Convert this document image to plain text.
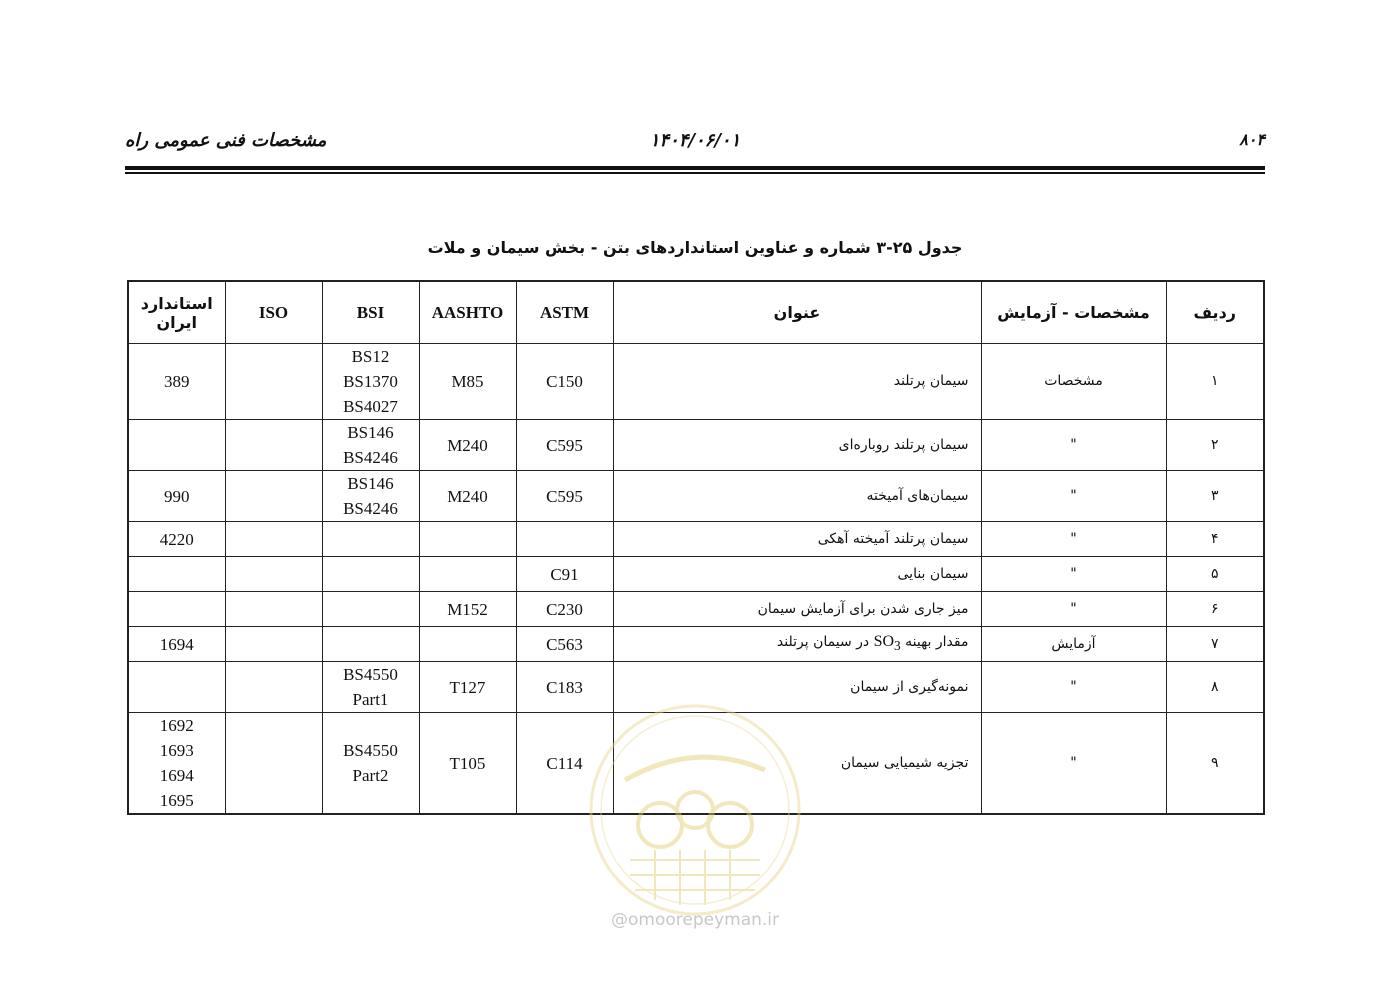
مشخصات فنی عمومی راه	۱۴۰۴/۰۶/۰۱	۸۰۴
جدول ۲۵-۳ شماره و عناوین استانداردهای بتن - بخش سیمان و ملات
ردیف	مشخصات - آزمایش	عنوان	ASTM	AASHTO	BSI	ISO	استاندارد
ایران

۱	مشخصات	سیمان پرتلند	C150	M85	BS12
BS1370
BS4027		389

۲	"	سیمان پرتلند روباره‌ای	C595	M240	BS146
BS4246		

۳	"	سیمان‌های آمیخته	C595	M240	BS146
BS4246		990

۴	"	سیمان پرتلند آمیخته آهکی					4220

۵	"	سیمان بنایی	C91				
۶	"	میز جاری شدن برای آزمایش سیمان	C230	M152			
۷	آزمایش	مقدار بهینه $SO_3$ در سیمان پرتلند	C563				1694

۸	"	نمونه‌گیری از سیمان	C183	T127	BS4550
Part1		

۹	"	تجزیه شیمیایی سیمان	C114	T105	BS4550
Part2		1692
1693
1694
1695
@omoorepeyman.ir
